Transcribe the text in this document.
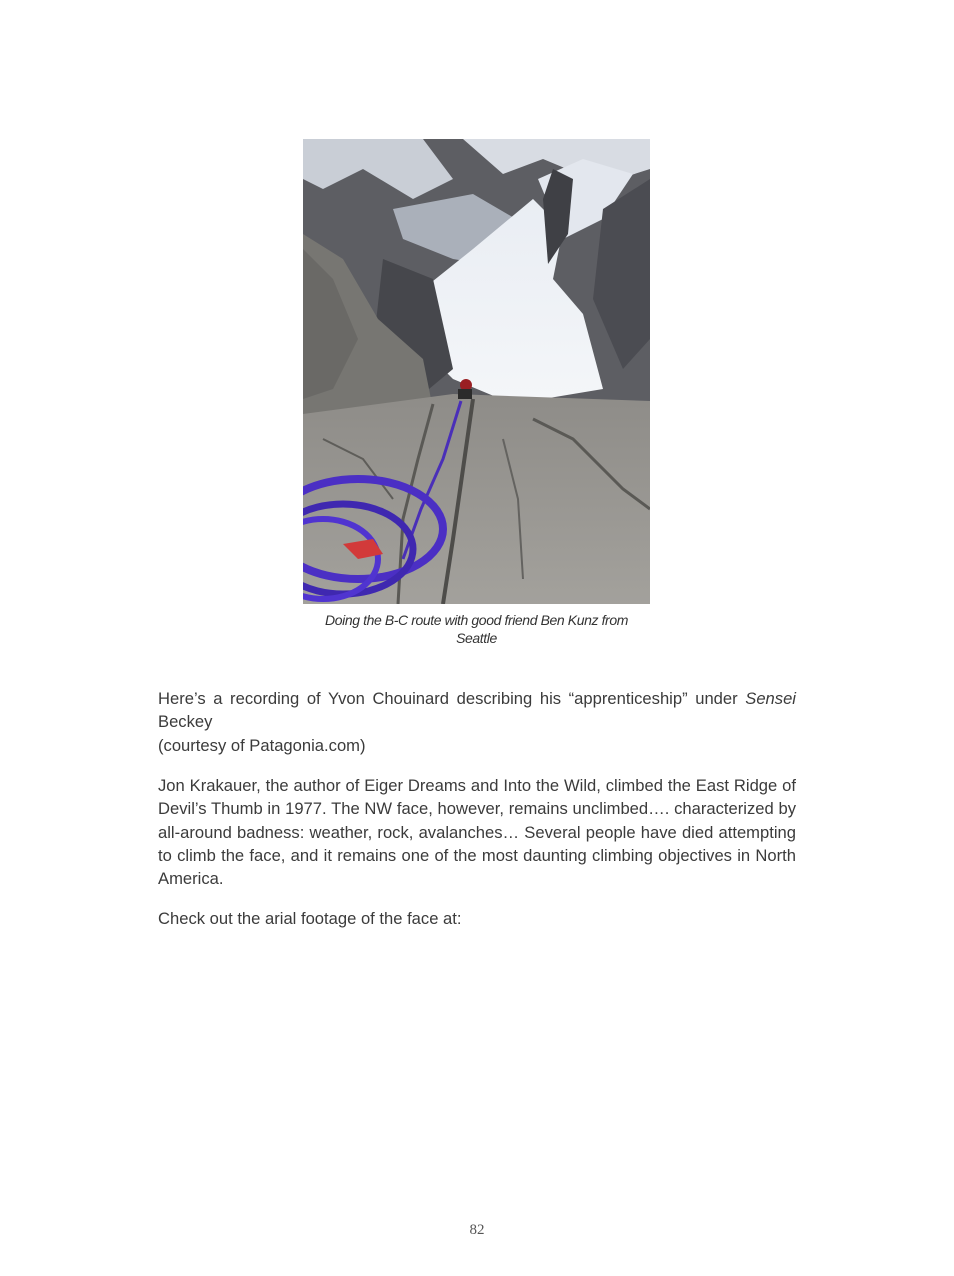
Doing the B-C route with good friend Ben Kunz from
Seattle
Here’s a recording of Yvon Chouinard describing his “apprenticeship” under Sensei
Beckey
(courtesy of Patagonia.com)
Jon Krakauer, the author of Eiger Dreams and Into the Wild, climbed the East Ridge of Devil’s Thumb in 1977. The NW face, however, remains unclimbed…. characterized by all-around badness: weather, rock, avalanches… Several people have died attempting to climb the face, and it remains one of the most daunting climbing objectives in North America.
Check out the arial footage of the face at:
82
